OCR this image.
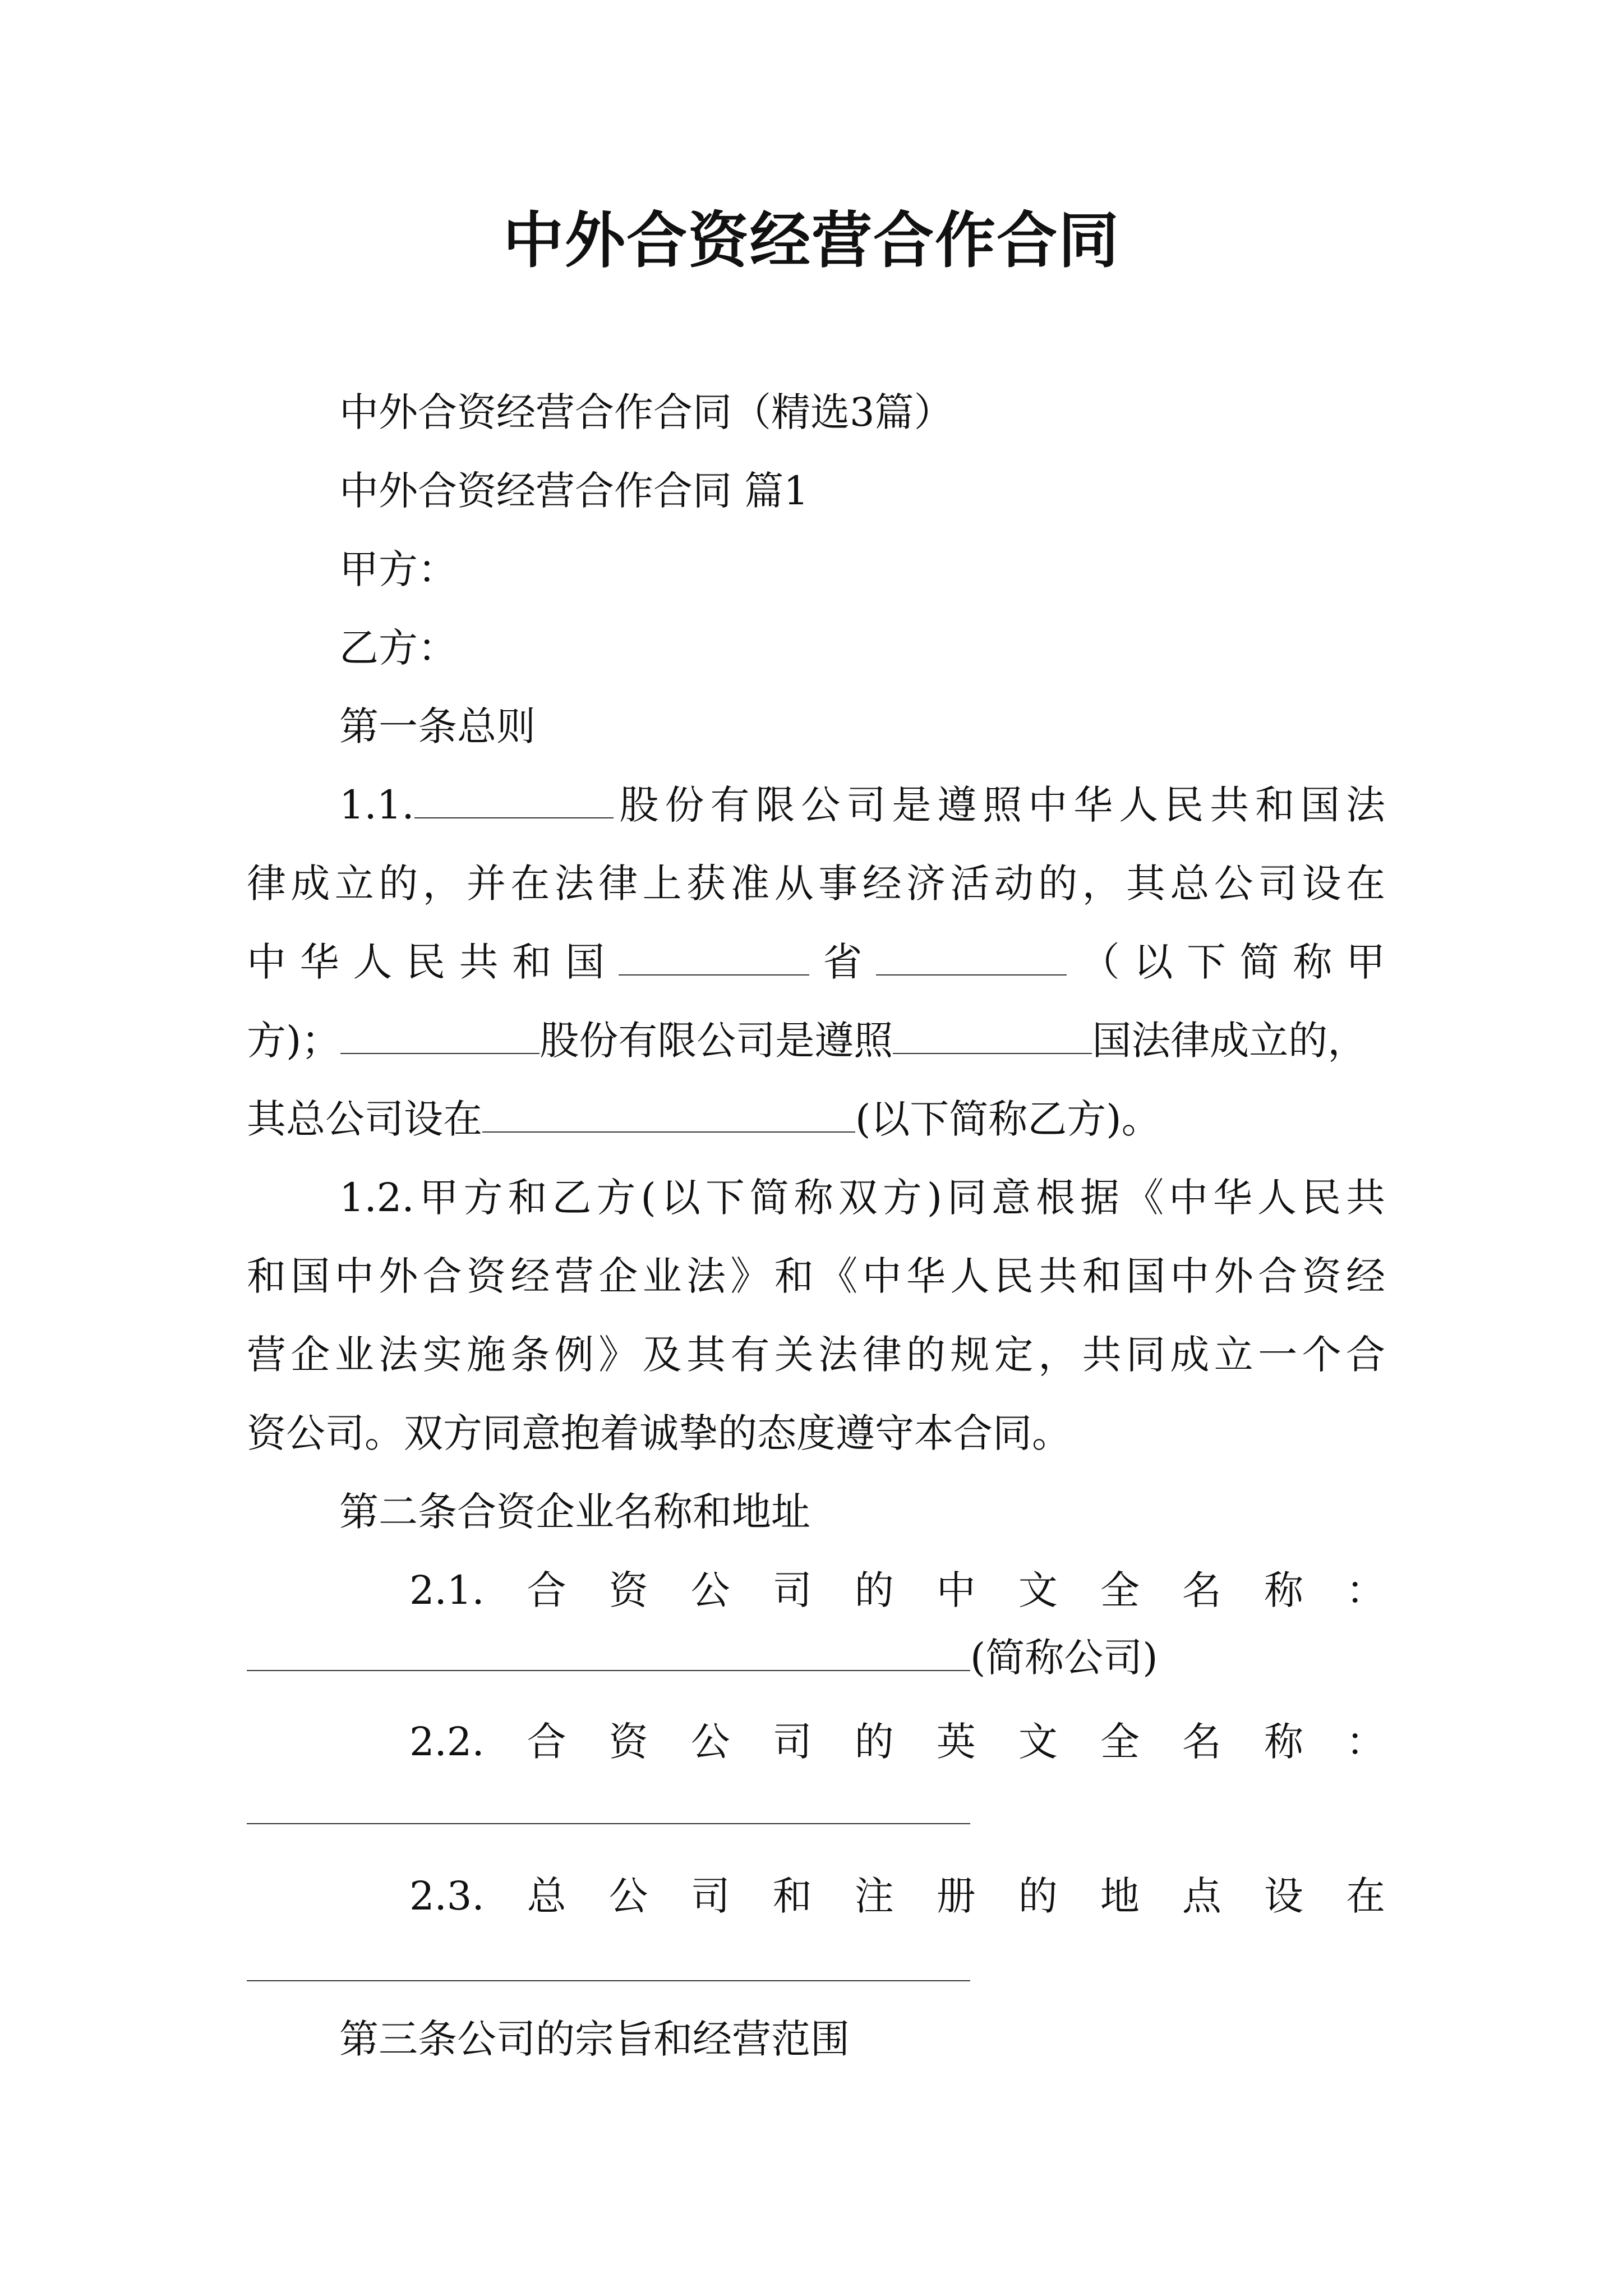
中外合资经营合作合同
中外合资经营合作合同（精选3篇）
中外合资经营合作合同 篇1
甲方：
乙方：
第一条总则
1.1.	股份有限公司是遵照中华人民共和国法
律成立的，并在法律上获准从事经济活动的，其总公司设在
中华人民共和国	省	（以下简称甲
方)；	股份有限公司是遵照	国法律成立的，
其总公司设在	(以下简称乙方)。
1.2.甲方和乙方(以下简称双方)同意根据《中华人民共
和国中外合资经营企业法》和《中华人民共和国中外合资经
营企业法实施条例》及其有关法律的规定，共同成立一个合
资公司。双方同意抱着诚挚的态度遵守本合同。
第二条合资企业名称和地址
2.1.合资公司的中文全名称：
(简称公司)
2.2.合资公司的英文全名称：
2.3.总公司和注册的地点设在
第三条公司的宗旨和经营范围
